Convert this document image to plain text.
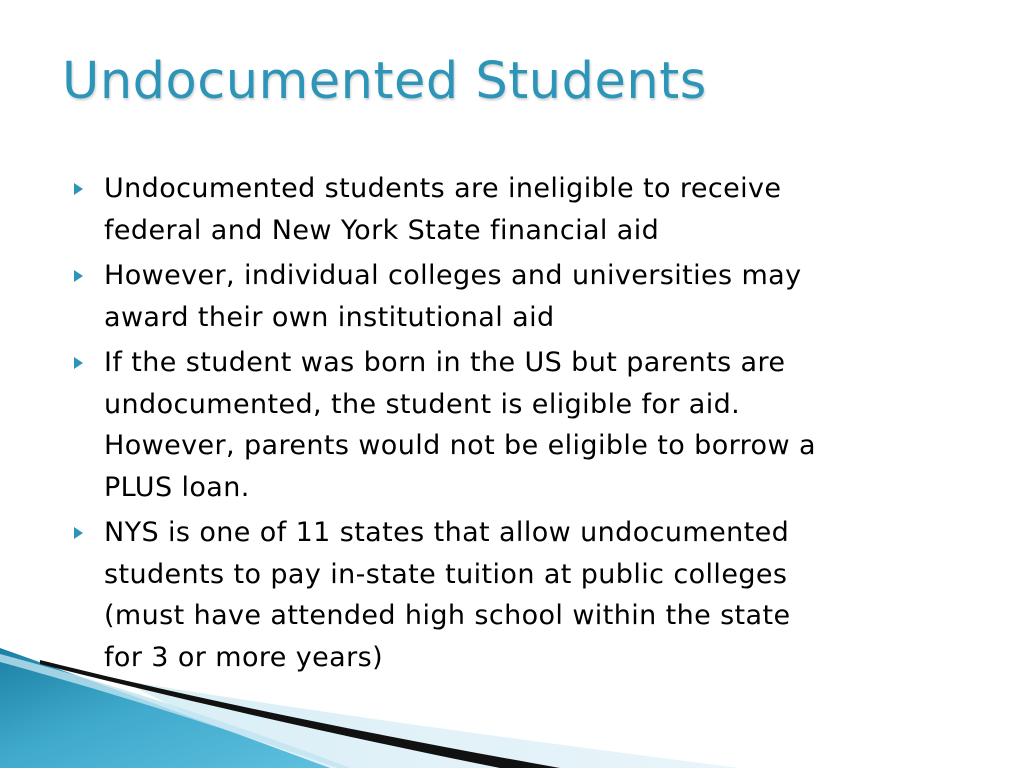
Undocumented Students
Undocumented students are ineligible to receive
federal and New York State financial aid
However, individual colleges and universities may
award their own institutional aid
If the student was born in the US but parents are
undocumented, the student is eligible for aid.
However, parents would not be eligible to borrow a
PLUS loan.
NYS is one of 11 states that allow undocumented
students to pay in-state tuition at public colleges
(must have attended high school within the state
for 3 or more years)
